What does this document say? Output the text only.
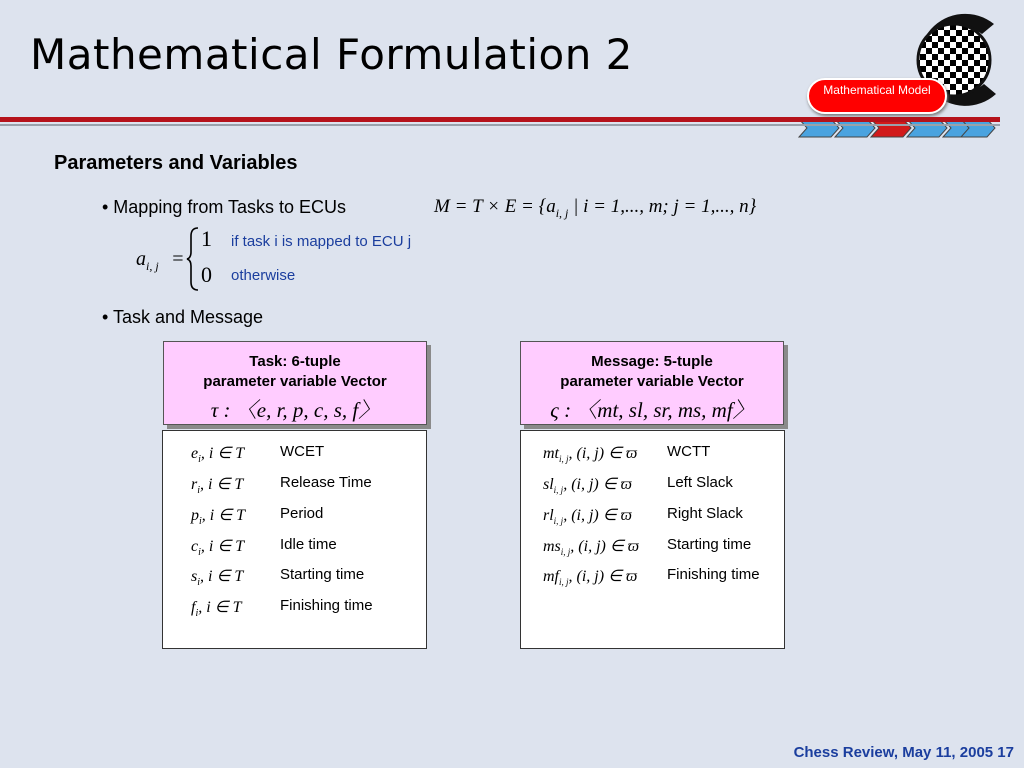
Mathematical Formulation 2
Mathematical Model
Parameters and Variables
• Mapping from Tasks to ECUs	$M = T \times E = \{a_{i, j}$ | i = 1,..., m; j = 1,..., n}
$a_{i, j}$ =
1 if task i is mapped to ECU j
0 otherwise
• Task and Message
Task: 6-tuple
parameter variable Vector
τ : 〈e, r, p, c, s, f〉
Message: 5-tuple
parameter variable Vector
ς : 〈mt, sl, sr, ms, mf〉
$e_i$, i ∈ T WCET
$r_i$, i ∈ T Release Time
$p_i$, i ∈ T Period
$c_i$, i ∈ T Idle time
$s_i$, i ∈ T Starting time
$f_i$, i ∈ T	Finishing time
$mt_{i, j}$, (i, j) ∈ ϖ WCTT
$sl_{i, j}$, (i, j) ∈ ϖ Left Slack
$rl_{i, j}$, (i, j) ∈ ϖ Right Slack
$ms_{i, j}$, (i, j) ∈ ϖ Starting time
$mf_{i, j}$, (i, j) ∈ ϖ Finishing time
Chess Review, May 11, 2005 17
